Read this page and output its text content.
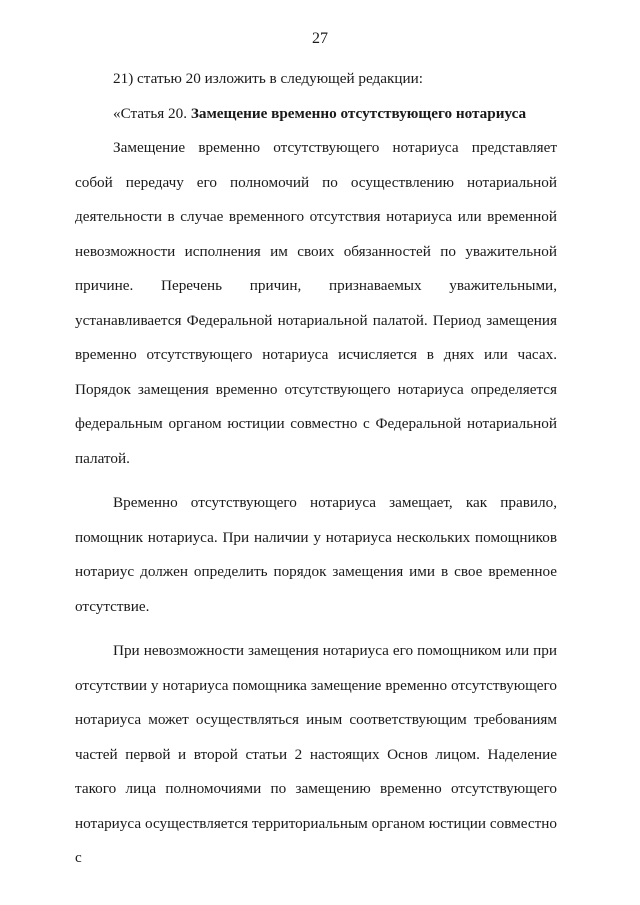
27

21) статью 20 изложить в следующей редакции:

«Статья 20. Замещение временно отсутствующего нотариуса

Замещение временно отсутствующего нотариуса представляет собой передачу его полномочий по осуществлению нотариальной деятельности в случае временного отсутствия нотариуса или временной невозможности исполнения им своих обязанностей по уважительной причине. Перечень причин, признаваемых уважительными, устанавливается Федеральной нотариальной палатой. Период замещения временно отсутствующего нотариуса исчисляется в днях или часах. Порядок замещения временно отсутствующего нотариуса определяется федеральным органом юстиции совместно с Федеральной нотариальной палатой.

Временно отсутствующего нотариуса замещает, как правило, помощник нотариуса. При наличии у нотариуса нескольких помощников нотариус должен определить порядок замещения ими в свое временное отсутствие.

При невозможности замещения нотариуса его помощником или при отсутствии у нотариуса помощника замещение временно отсутствующего нотариуса может осуществляться иным соответствующим требованиям частей первой и второй статьи 2 настоящих Основ лицом. Наделение такого лица полномочиями по замещению временно отсутствующего нотариуса осуществляется территориальным органом юстиции совместно с
